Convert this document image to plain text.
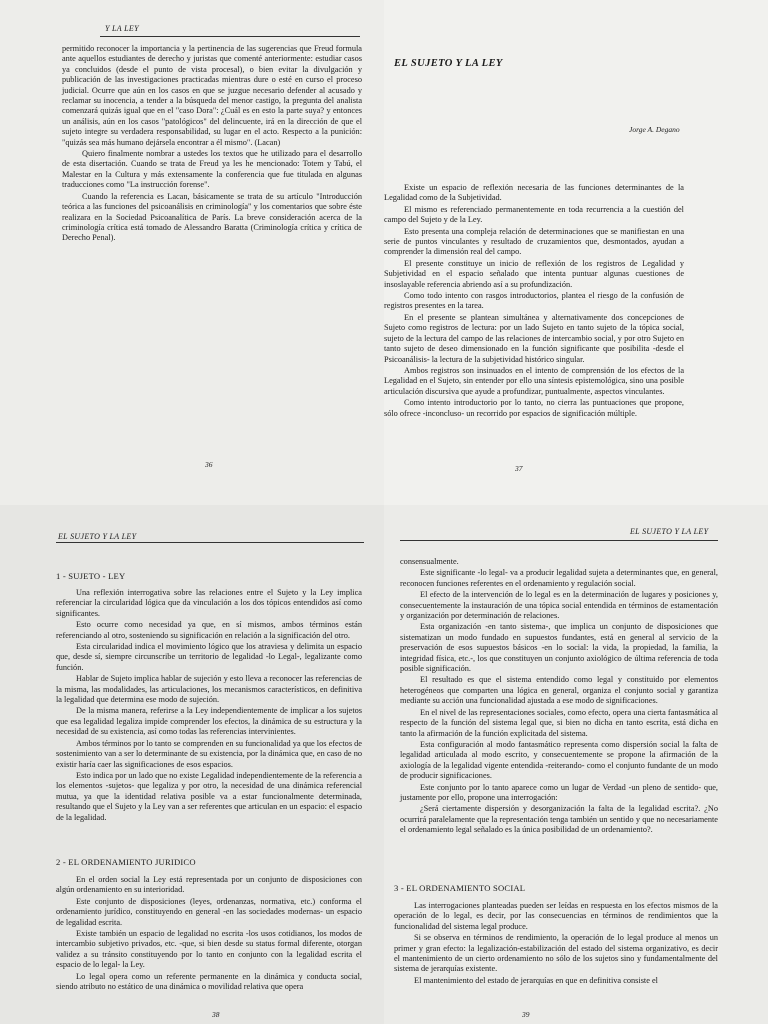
Y LA LEY

permitido reconocer la importancia y la pertinencia de las sugerencias que Freud formula ante aquellos estudiantes de derecho y juristas que comenté anteriormente: estudiar casos ya concluidos (desde el punto de vista procesal), o bien evitar la divulgación y publicación de las investigaciones practicadas mientras dure o esté en curso el proceso judicial. Ocurre que aún en los casos en que se juzgue necesario defender al acusado y reclamar su inocencia, a tender a la búsqueda del menor castigo, la pregunta del analista comenzará quizás igual que en el "caso Dora": ¿Cuál es en esto la parte suya? y entonces un análisis, aún en los casos "patológicos" del delincuente, irá en la dirección de que el sujeto integre su verdadera responsabilidad, su lugar en el acto. Respecto a la punición: "quizás sea más humano dejársela encontrar a él mismo". (Lacan)

Quiero finalmente nombrar a ustedes los textos que he utilizado para el desarrollo de esta disertación. Cuando se trata de Freud ya les he mencionado: Totem y Tabú, el Malestar en la Cultura y más extensamente la conferencia que fue titulada en algunas traducciones como "La instrucción forense".

Cuando la referencia es Lacan, básicamente se trata de su artículo "Introducción teórica a las funciones del psicoanálisis en criminología" y los comentarios que sobre éste realizara en la Sociedad Psicoanalítica de París. La breve consideración acerca de la criminología crítica está tomado de Alessandro Baratta (Criminología crítica y crítica de Derecho Penal).

36
EL SUJETO Y LA LEY
Jorge A. Degano

Existe un espacio de reflexión necesaria de las funciones determinantes de la Legalidad como de la Subjetividad.

El mismo es referenciado permanentemente en toda recurrencia a la cuestión del campo del Sujeto y de la Ley.

Esto presenta una compleja relación de determinaciones que se manifiestan en una serie de puntos vinculantes y resultado de cruzamientos que, desmontados, ayudan a comprender la dimensión real del campo.

El presente constituye un inicio de reflexión de los registros de Legalidad y Subjetividad en el espacio señalado que intenta puntuar algunas cuestiones de insoslayable referencia abriendo así a su profundización.

Como todo intento con rasgos introductorios, plantea el riesgo de la confusión de registros presentes en la tarea.

En el presente se plantean simultánea y alternativamente dos concepciones de Sujeto como registros de lectura: por un lado Sujeto en tanto sujeto de la tópica social, sujeto de la lectura del campo de las relaciones de intercambio social, y por otro Sujeto en tanto sujeto de deseo dimensionado en la función significante que posibilita -desde el Psicoanálisis- la lectura de la subjetividad histórico singular.

Ambos registros son insinuados en el intento de comprensión de los efectos de la Legalidad en el Sujeto, sin entender por ello una síntesis epistemológica, sino una posible articulación discursiva que ayude a profundizar, puntualmente, aspectos vinculantes.

Como intento introductorio por lo tanto, no cierra las puntuaciones que propone, sólo ofrece -inconcluso- un recorrido por espacios de significación múltiple.

37
EL SUJETO Y LA LEY
1 - SUJETO - LEY

Una reflexión interrogativa sobre las relaciones entre el Sujeto y la Ley implica referenciar la circularidad lógica que da vinculación a los dos tópicos entendidos así como significantes.

Esto ocurre como necesidad ya que, en sí mismos, ambos términos están referenciando al otro, sosteniendo su significación en relación a la significación del otro.

Esta circularidad indica el movimiento lógico que los atraviesa y delimita un espacio que, desde sí, siempre circunscribe un territorio de legalidad -lo Legal-, legalizante como función.

Hablar de Sujeto implica hablar de sujeción y esto lleva a reconocer las referencias de la misma, las modalidades, las articulaciones, los mecanismos característicos, en definitiva la legalidad que determina ese modo de sujeción.

De la misma manera, referirse a la Ley independientemente de implicar a los sujetos que esa legalidad legaliza impide comprender los efectos, la dinámica de su estructura y la necesidad de su existencia, así como todas las referencias intervinientes.

Ambos términos por lo tanto se comprenden en su funcionalidad ya que los efectos de sostenimiento van a ser lo determinante de su existencia, por la dinámica que, en caso de no existir haría caer las significaciones de esos espacios.

Esto indica por un lado que no existe Legalidad independientemente de la referencia a los elementos -sujetos- que legaliza y por otro, la necesidad de una dinámica referencial mutua, ya que la identidad relativa posible va a estar funcionalmente determinada, resultando que el Sujeto y la Ley van a ser referentes que articulan en un espacio: el espacio de la legalidad.

2 - EL ORDENAMIENTO JURIDICO

En el orden social la Ley está representada por un conjunto de disposiciones con algún ordenamiento en su interioridad.

Este conjunto de disposiciones (leyes, ordenanzas, normativa, etc.) conforma el ordenamiento jurídico, constituyendo en general -en las sociedades modernas- un espacio de legalidad escrita.

Existe también un espacio de legalidad no escrita -los usos cotidianos, los modos de intercambio subjetivo privados, etc. -que, si bien desde su status formal diferente, otorgan validez a su tránsito constituyendo por lo tanto en conjunto con la legalidad escrita el espacio de lo legal- la Ley.

Lo legal opera como un referente permanente en la dinámica y conducta social, siendo atributo no estático de una dinámica o movilidad relativa que opera

38
EL SUJETO Y LA LEY

consensualmente.

Este significante -lo legal- va a producir legalidad sujeta a determinantes que, en general, reconocen funciones referentes en el ordenamiento y regulación social.

El efecto de la intervención de lo legal es en la determinación de lugares y posiciones y, consecuentemente la instauración de una tópica social entendida en términos de estamentación y organización por determinación de relaciones.

Esta organización -en tanto sistema-, que implica un conjunto de disposiciones que sistematizan un modo fundado en supuestos fundantes, está en general al servicio de la preservación de esos supuestos básicos -en lo social: la vida, la propiedad, la familia, la integridad física, etc.-, los que constituyen un conjunto axiológico de última referencia de toda posible significación.

El resultado es que el sistema entendido como legal y constituido por elementos heterogéneos que comparten una lógica en general, organiza el conjunto social y garantiza mediante su acción una funcionalidad ajustada a ese modo de significaciones.

En el nivel de las representaciones sociales, como efecto, opera una cierta fantasmática al respecto de la función del sistema legal que, si bien no dicha en tanto escrita, está dicha en tanto la afirmación de la función explicitada del sistema.

Esta configuración al modo fantasmático representa como dispersión social la falta de legalidad articulada al modo escrito, y consecuentemente se propone la afirmación de la axiología de la legalidad vigente entendida -reiterando- como el conjunto fundante de un modo de producir significaciones.

Este conjunto por lo tanto aparece como un lugar de Verdad -un pleno de sentido- que, justamente por ello, propone una interrogación:

¿Será ciertamente dispersión y desorganización la falta de la legalidad escrita?. ¿No ocurrirá paralelamente que la representación tenga también un sentido y que no necesariamente el ordenamiento legal señalado es la única posibilidad de un ordenamiento?.

3 - EL ORDENAMIENTO SOCIAL

Las interrogaciones planteadas pueden ser leídas en respuesta en los efectos mismos de la operación de lo legal, es decir, por las consecuencias en términos de rendimientos que la funcionalidad del sistema legal produce.

Si se observa en términos de rendimiento, la operación de lo legal produce al menos un primer y gran efecto: la legalización-estabilización del estado del sistema organizativo, es decir el mantenimiento de un cierto ordenamiento no sólo de los sujetos sino y fundamentalmente del sistema de jerarquías existente.

El mantenimiento del estado de jerarquías en que en definitiva consiste el

39
